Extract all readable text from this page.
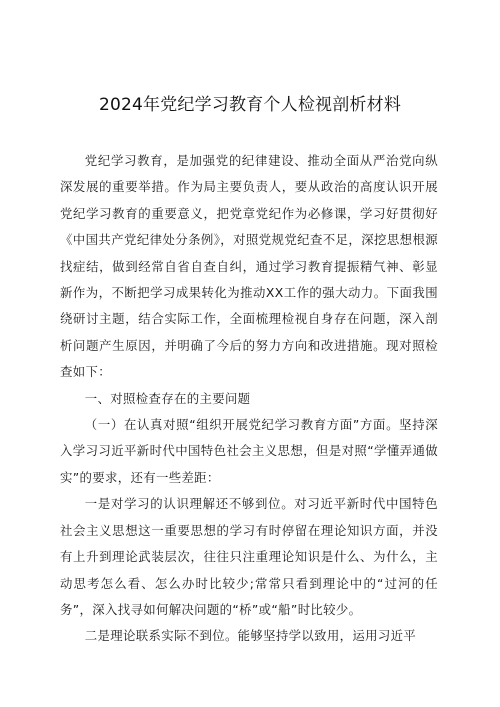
2024年党纪学习教育个人检视剖析材料

党纪学习教育，是加强党的纪律建设、推动全面从严治党向纵深发展的重要举措。作为局主要负责人，要从政治的高度认识开展党纪学习教育的重要意义，把党章党纪作为必修课，学习好贯彻好《中国共产党纪律处分条例》，对照党规党纪查不足，深挖思想根源找症结，做到经常自省自查自纠，通过学习教育提振精气神、彰显新作为，不断把学习成果转化为推动XX工作的强大动力。下面我围绕研讨主题，结合实际工作，全面梳理检视自身存在问题，深入剖析问题产生原因，并明确了今后的努力方向和改进措施。现对照检查如下：

一、对照检查存在的主要问题

（一）在认真对照“组织开展党纪学习教育方面”方面。坚持深入学习习近平新时代中国特色社会主义思想，但是对照“学懂弄通做实”的要求，还有一些差距：

一是对学习的认识理解还不够到位。对习近平新时代中国特色社会主义思想这一重要思想的学习有时停留在理论知识方面，并没有上升到理论武装层次，往往只注重理论知识是什么、为什么，主动思考怎么看、怎么办时比较少;常常只看到理论中的“过河的任务”，深入找寻如何解决问题的“桥”或“船”时比较少。

二是理论联系实际不到位。能够坚持学以致用，运用习近平
